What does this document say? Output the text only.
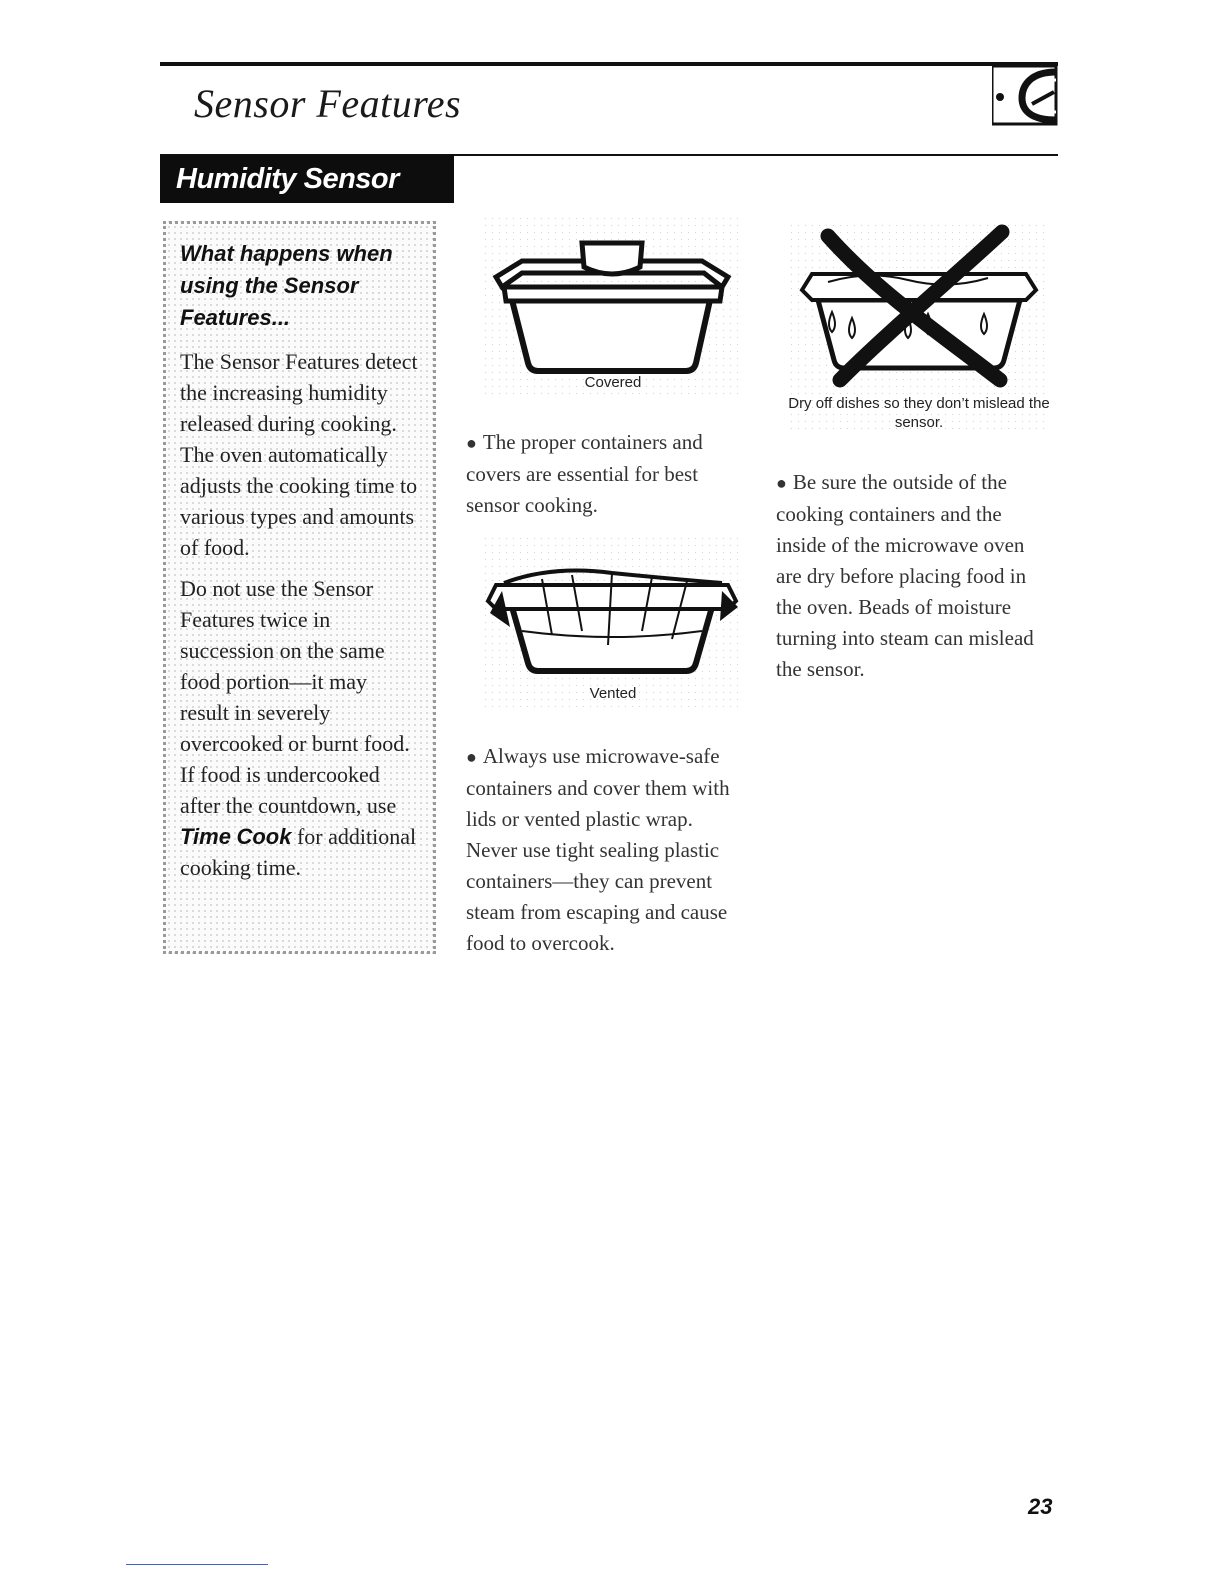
Sensor Features
Humidity Sensor

What happens when using the Sensor Features...

The Sensor Features detect the increasing humidity released during cooking. The oven automatically adjusts the cooking time to various types and amounts of food.

Do not use the Sensor Features twice in succession on the same food portion—it may result in severely overcooked or burnt food. If food is undercooked after the countdown, use Time Cook for additional cooking time.

Covered

● The proper containers and covers are essential for best sensor cooking.

Vented

● Always use microwave-safe containers and cover them with lids or vented plastic wrap. Never use tight sealing plastic containers—they can prevent steam from escaping and cause food to overcook.

Dry off dishes so they don’t mislead the sensor.

● Be sure the outside of the cooking containers and the inside of the microwave oven are dry before placing food in the oven. Beads of moisture turning into steam can mislead the sensor.

23
